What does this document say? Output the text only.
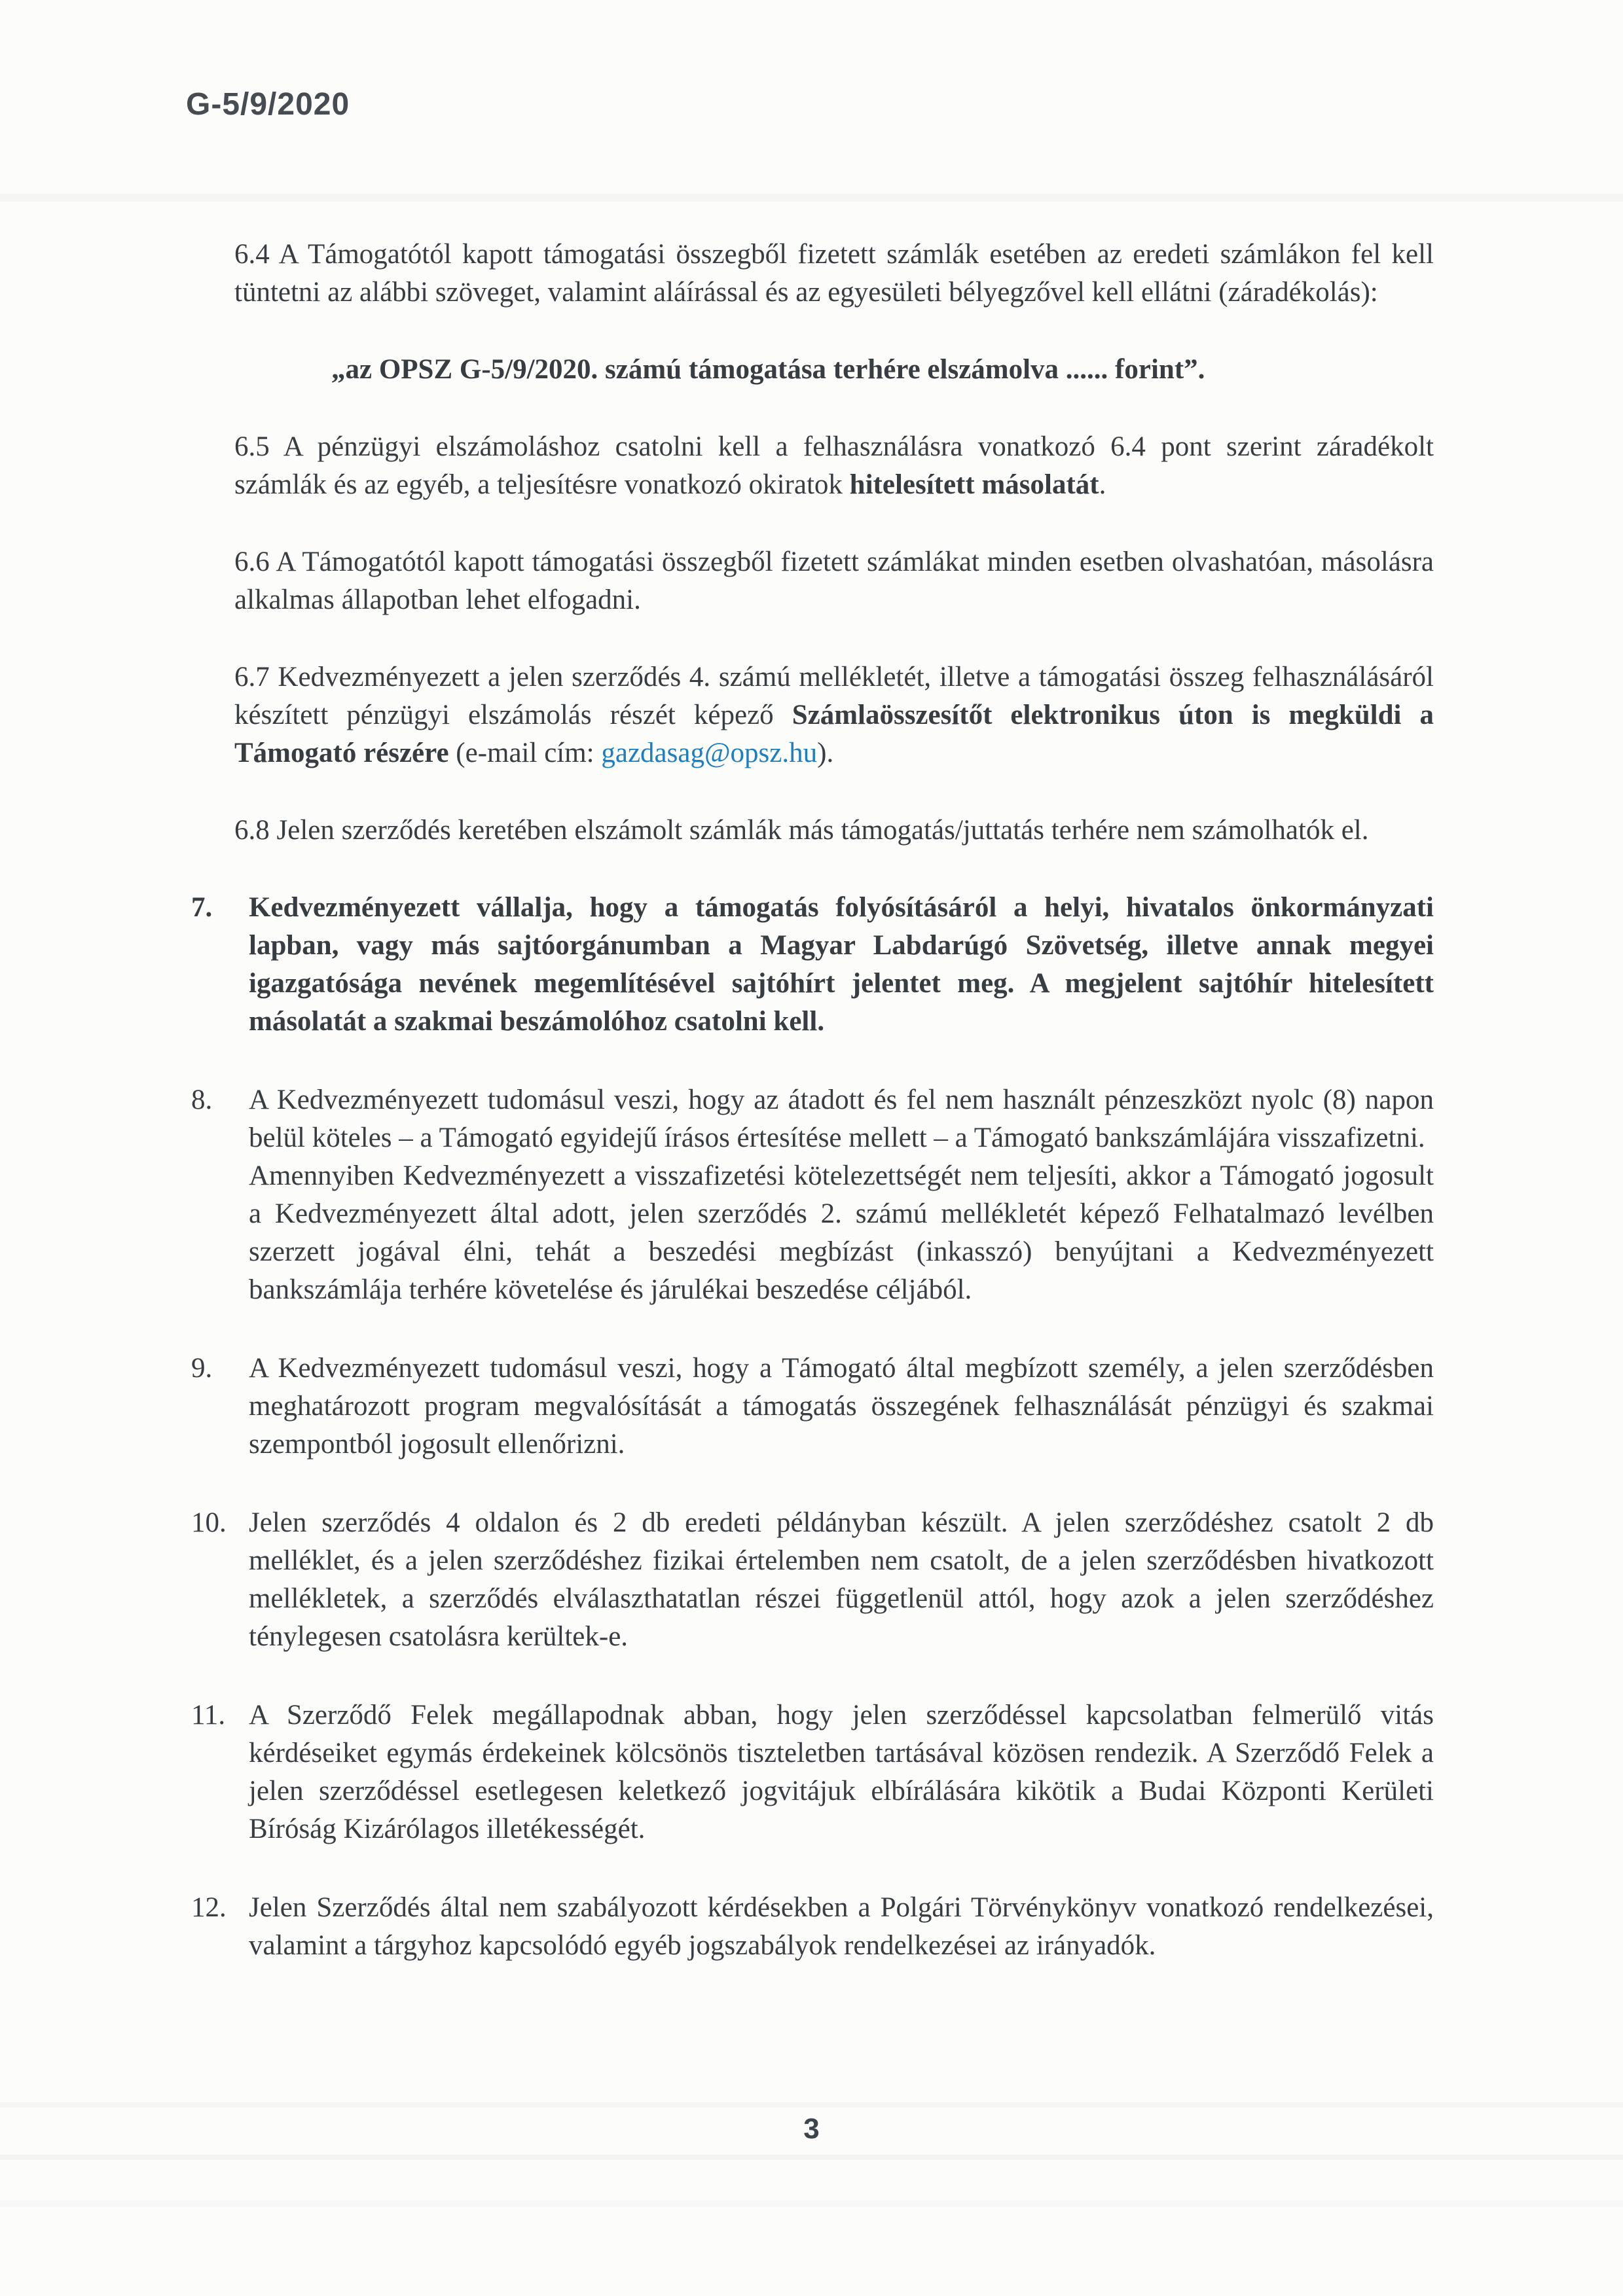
G-5/9/2020

6.4 A Támogatótól kapott támogatási összegből fizetett számlák esetében az eredeti számlákon fel kell tüntetni az alábbi szöveget, valamint aláírással és az egyesületi bélyegzővel kell ellátni (záradékolás):

„az OPSZ G-5/9/2020. számú támogatása terhére elszámolva ...... forint”.

6.5 A pénzügyi elszámoláshoz csatolni kell a felhasználásra vonatkozó 6.4 pont szerint záradékolt számlák és az egyéb, a teljesítésre vonatkozó okiratok hitelesített másolatát.

6.6 A Támogatótól kapott támogatási összegből fizetett számlákat minden esetben olvashatóan, másolásra alkalmas állapotban lehet elfogadni.

6.7 Kedvezményezett a jelen szerződés 4. számú mellékletét, illetve a támogatási összeg felhasználásáról készített pénzügyi elszámolás részét képező Számlaösszesítőt elektronikus úton is megküldi a Támogató részére (e-mail cím: gazdasag@opsz.hu).

6.8 Jelen szerződés keretében elszámolt számlák más támogatás/juttatás terhére nem számolhatók el.

7.	Kedvezményezett vállalja, hogy a támogatás folyósításáról a helyi, hivatalos önkormányzati lapban, vagy más sajtóorgánumban a Magyar Labdarúgó Szövetség, illetve annak megyei igazgatósága nevének megemlítésével sajtóhírt jelentet meg. A megjelent sajtóhír hitelesített másolatát a szakmai beszámolóhoz csatolni kell.

8.	A Kedvezményezett tudomásul veszi, hogy az átadott és fel nem használt pénzeszközt nyolc (8) napon belül köteles – a Támogató egyidejű írásos értesítése mellett – a Támogató bankszámlájára visszafizetni.

Amennyiben Kedvezményezett a visszafizetési kötelezettségét nem teljesíti, akkor a Támogató jogosult a Kedvezményezett által adott, jelen szerződés 2. számú mellékletét képező Felhatalmazó levélben szerzett jogával élni, tehát a beszedési megbízást (inkasszó) benyújtani a Kedvezményezett bankszámlája terhére követelése és járulékai beszedése céljából.

9.	A Kedvezményezett tudomásul veszi, hogy a Támogató által megbízott személy, a jelen szerződésben meghatározott program megvalósítását a támogatás összegének felhasználását pénzügyi és szakmai szempontból jogosult ellenőrizni.

10. Jelen szerződés 4 oldalon és 2 db eredeti példányban készült. A jelen szerződéshez csatolt 2 db melléklet, és a jelen szerződéshez fizikai értelemben nem csatolt, de a jelen szerződésben hivatkozott mellékletek, a szerződés elválaszthatatlan részei függetlenül attól, hogy azok a jelen szerződéshez ténylegesen csatolásra kerültek-e.

11. A Szerződő Felek megállapodnak abban, hogy jelen szerződéssel kapcsolatban felmerülő vitás kérdéseiket egymás érdekeinek kölcsönös tiszteletben tartásával közösen rendezik. A Szerződő Felek a jelen szerződéssel esetlegesen keletkező jogvitájuk elbírálására kikötik a Budai Központi Kerületi Bíróság Kizárólagos illetékességét.

12. Jelen Szerződés által nem szabályozott kérdésekben a Polgári Törvénykönyv vonatkozó rendelkezései, valamint a tárgyhoz kapcsolódó egyéb jogszabályok rendelkezései az irányadók.

3
